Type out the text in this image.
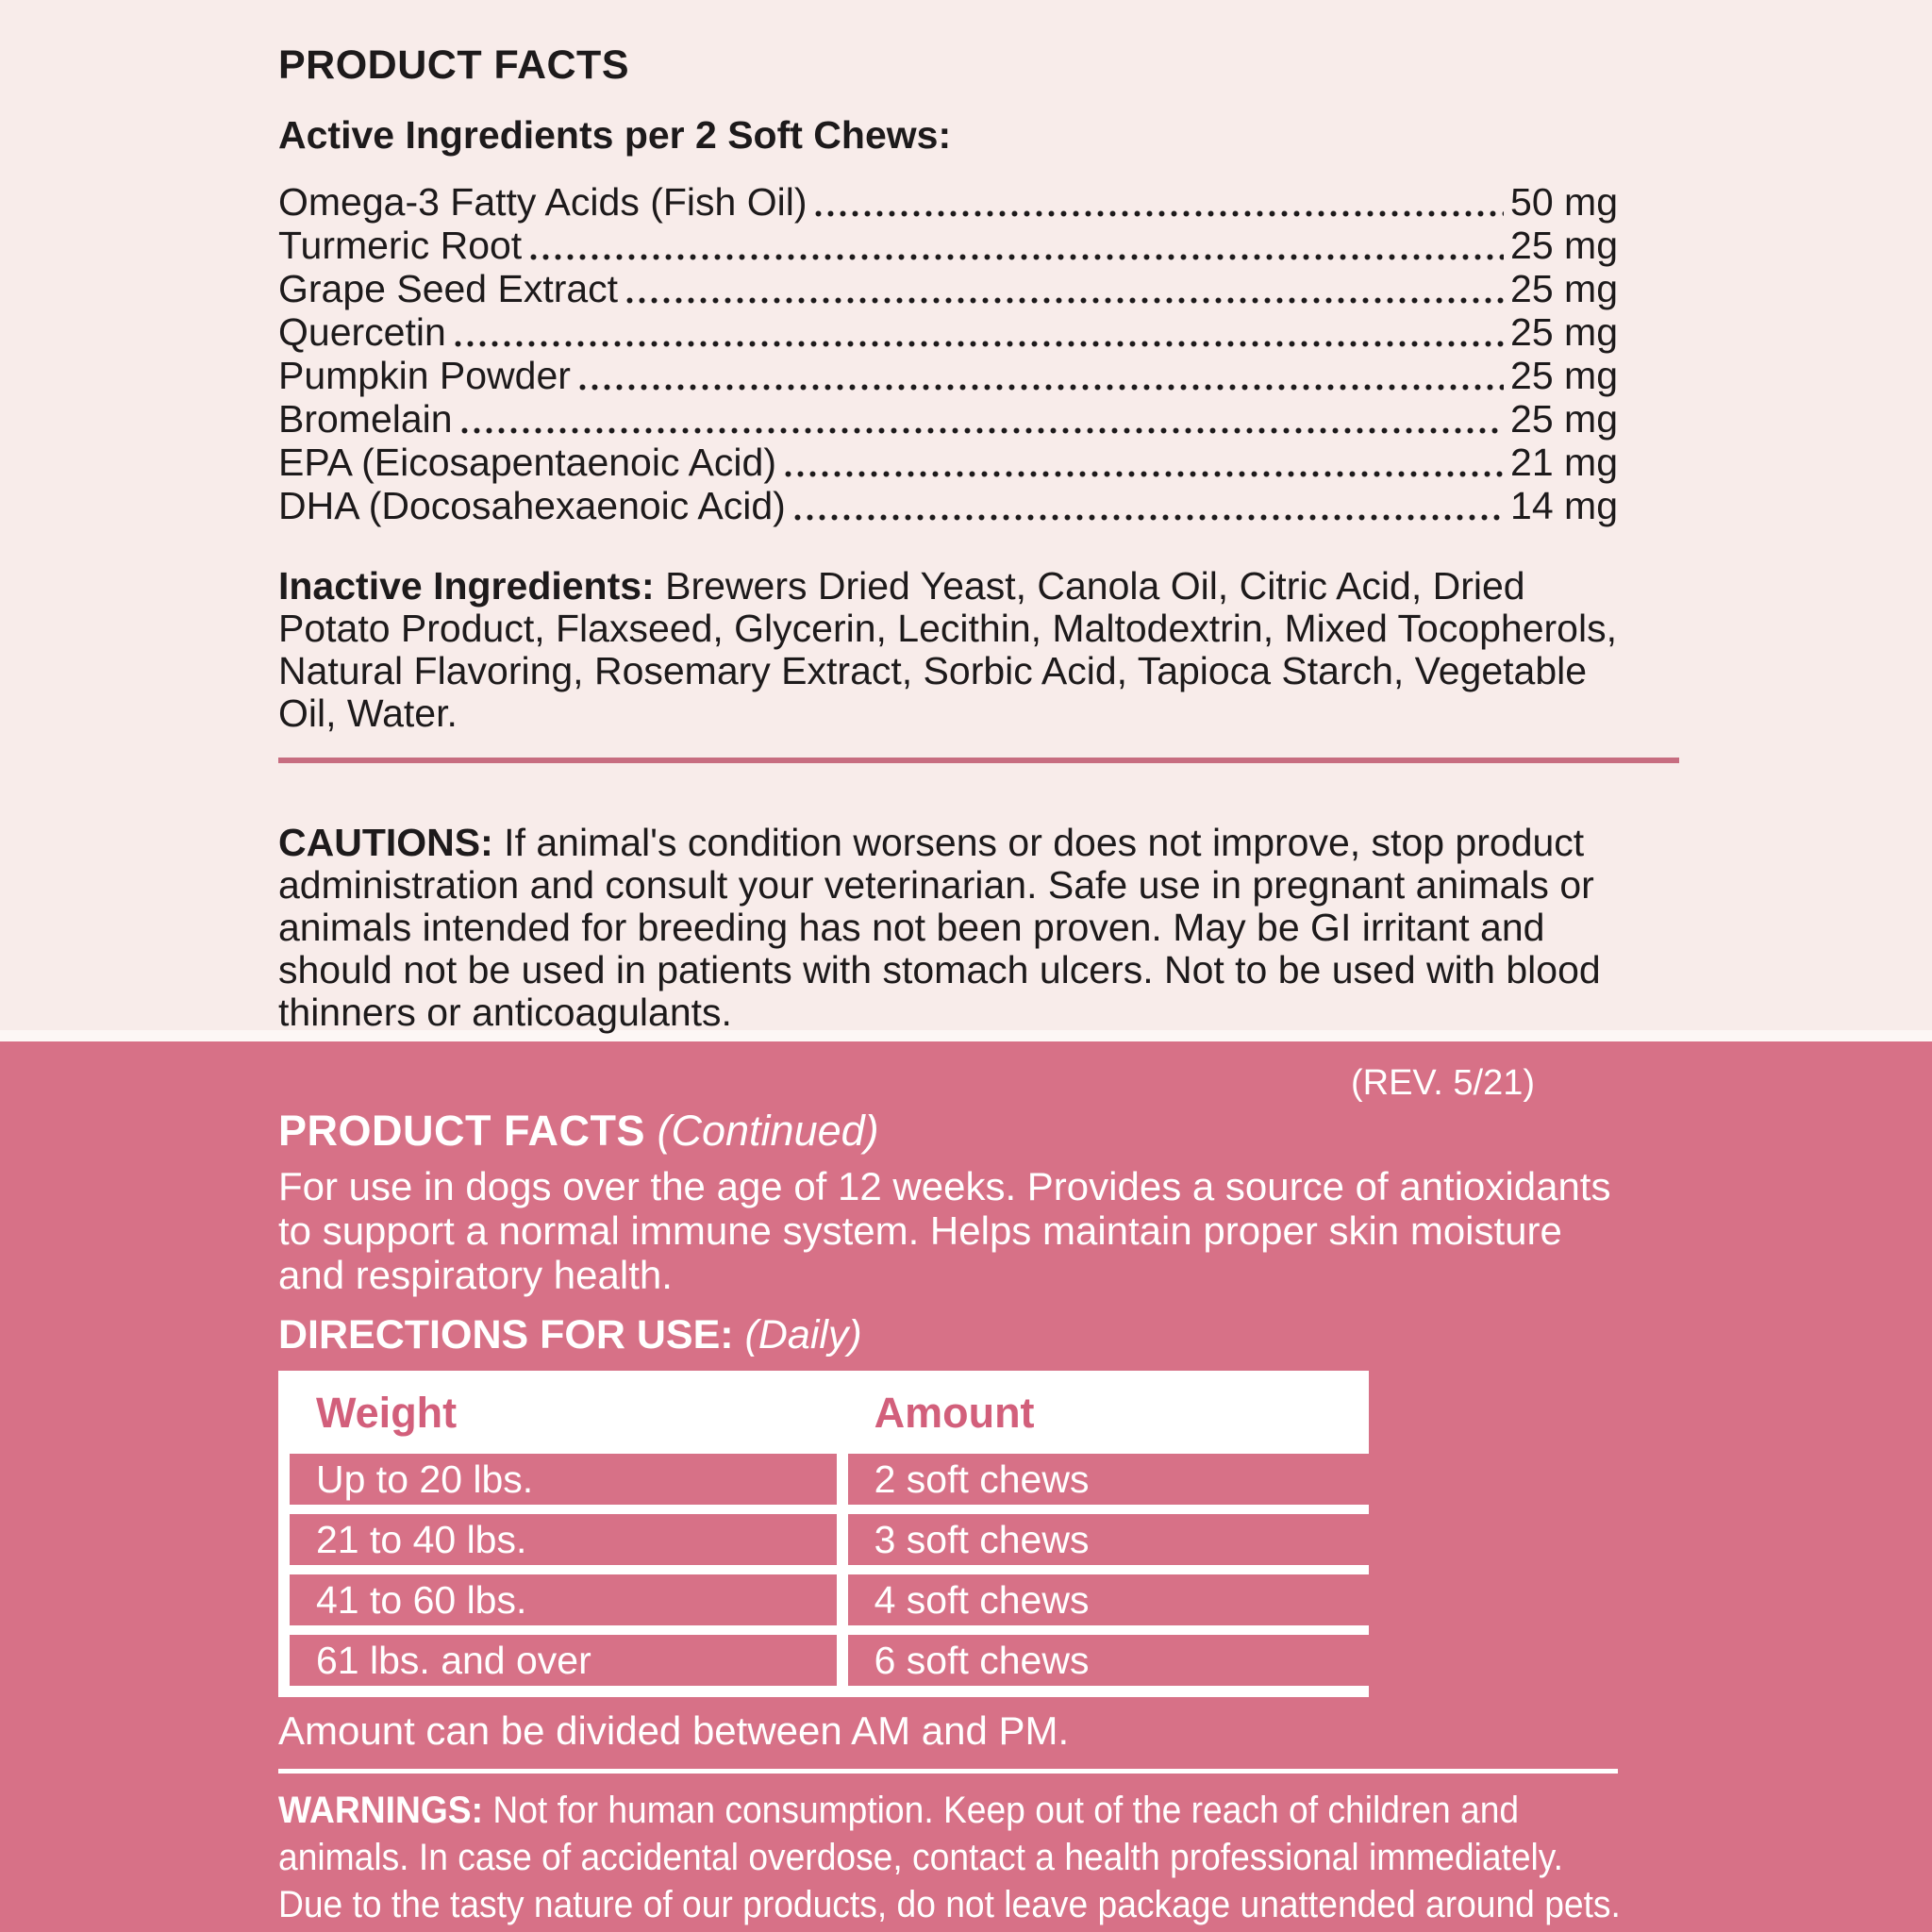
PRODUCT FACTS
Active Ingredients per 2 Soft Chews:
Omega-3 Fatty Acids (Fish Oil)	50 mg
Turmeric Root	25 mg
Grape Seed Extract	25 mg
Quercetin	25 mg
Pumpkin Powder	25 mg
Bromelain	25 mg
EPA (Eicosapentaenoic Acid)	21 mg
DHA (Docosahexaenoic Acid)	14 mg

Inactive Ingredients: Brewers Dried Yeast, Canola Oil, Citric Acid, Dried Potato Product, Flaxseed, Glycerin, Lecithin, Maltodextrin, Mixed Tocopherols, Natural Flavoring, Rosemary Extract, Sorbic Acid, Tapioca Starch, Vegetable Oil, Water.

CAUTIONS: If animal's condition worsens or does not improve, stop product administration and consult your veterinarian. Safe use in pregnant animals or animals intended for breeding has not been proven. May be GI irritant and should not be used in patients with stomach ulcers. Not to be used with blood thinners or anticoagulants.

(REV. 5/21)
PRODUCT FACTS (Continued)

For use in dogs over the age of 12 weeks. Provides a source of antioxidants to support a normal immune system. Helps maintain proper skin moisture and respiratory health.

DIRECTIONS FOR USE: (Daily)
Weight	Amount
Up to 20 lbs.	2 soft chews
21 to 40 lbs.	3 soft chews
41 to 60 lbs.	4 soft chews
61 lbs. and over	6 soft chews

Amount can be divided between AM and PM.

WARNINGS: Not for human consumption. Keep out of the reach of children and animals. In case of accidental overdose, contact a health professional immediately. Due to the tasty nature of our products, do not leave package unattended around pets.
